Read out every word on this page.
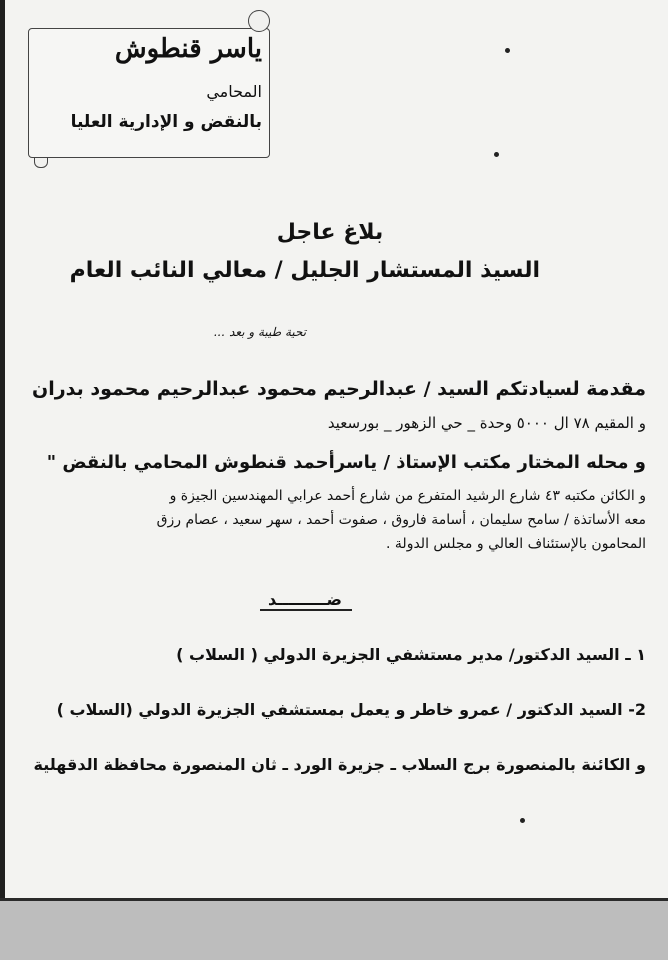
ياسر قنطوش
المحامي
بالنقض و الإدارية العليا
بلاغ عاجل
السيذ المستشار الجليل / معالي النائب العام
تحية طيبة و بعد ...
مقدمة لسيادتكم السيد / عبدالرحيم محمود عبدالرحيم محمود بدران
و المقيم ٧٨ ال ٥٠٠٠ وحدة _ حي الزهور _ بورسعيد
و محله المختار مكتب الإستاذ / ياسرأحمد قنطوش المحامي بالنقض "
و الكائن مكتبه ٤٣ شارع الرشيد المتفرع من شارع أحمد عرابي المهندسين الجيزة و
معه الأساتذة / سامح سليمان ، أسامة فاروق ، صفوت أحمد ، سهر سعيد ، عصام رزق
المحامون بالإستئناف العالي و مجلس الدولة .
ضـــــــــد
١ ـ السيد الدكتور/ مدير مستشفي الجزيرة الدولي ( السلاب )
2- السيد الدكتور / عمرو خاطر و يعمل بمستشفي الجزيرة الدولي (السلاب )
و الكائنة بالمنصورة برج السلاب ـ جزيرة الورد ـ ثان المنصورة محافظة الدقهلية
